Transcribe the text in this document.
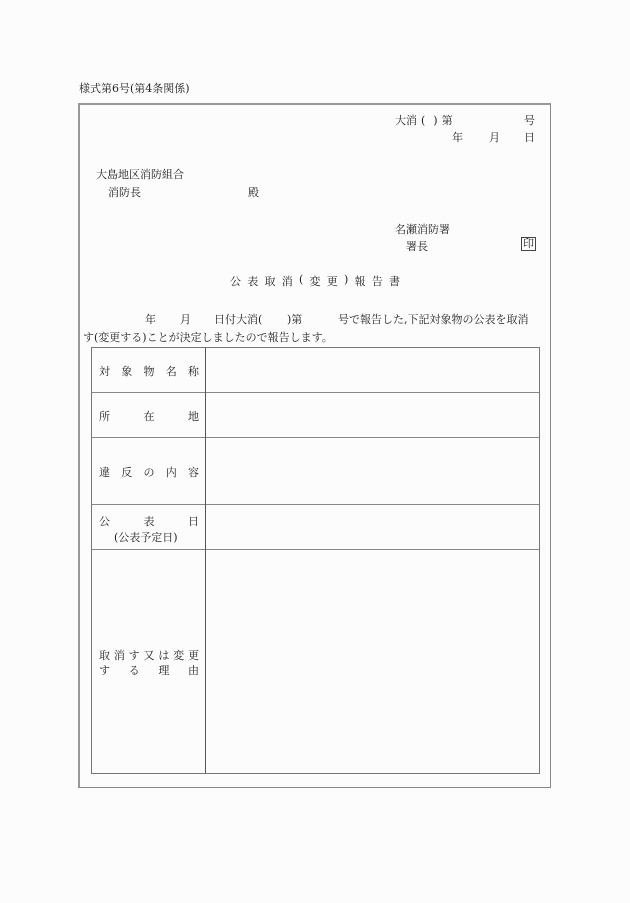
様式第6号(第4条関係)
大消 ( ) 第	号
年 月 日
大島地区消防組合
消防長	殿
名瀬消防署
署長	印
公 表 取 消 ( 変 更 ) 報 告 書
年 月 日付大消( )第	号で報告した,下記対象物の公表を取消
す(変更する)ことが決定しましたので報告します。
対 象 物 名 称
所	在	地
違 反 の 内 容
公	表	日
(公表予定日)
取 消 す 又 は 変 更
す る 理 由
